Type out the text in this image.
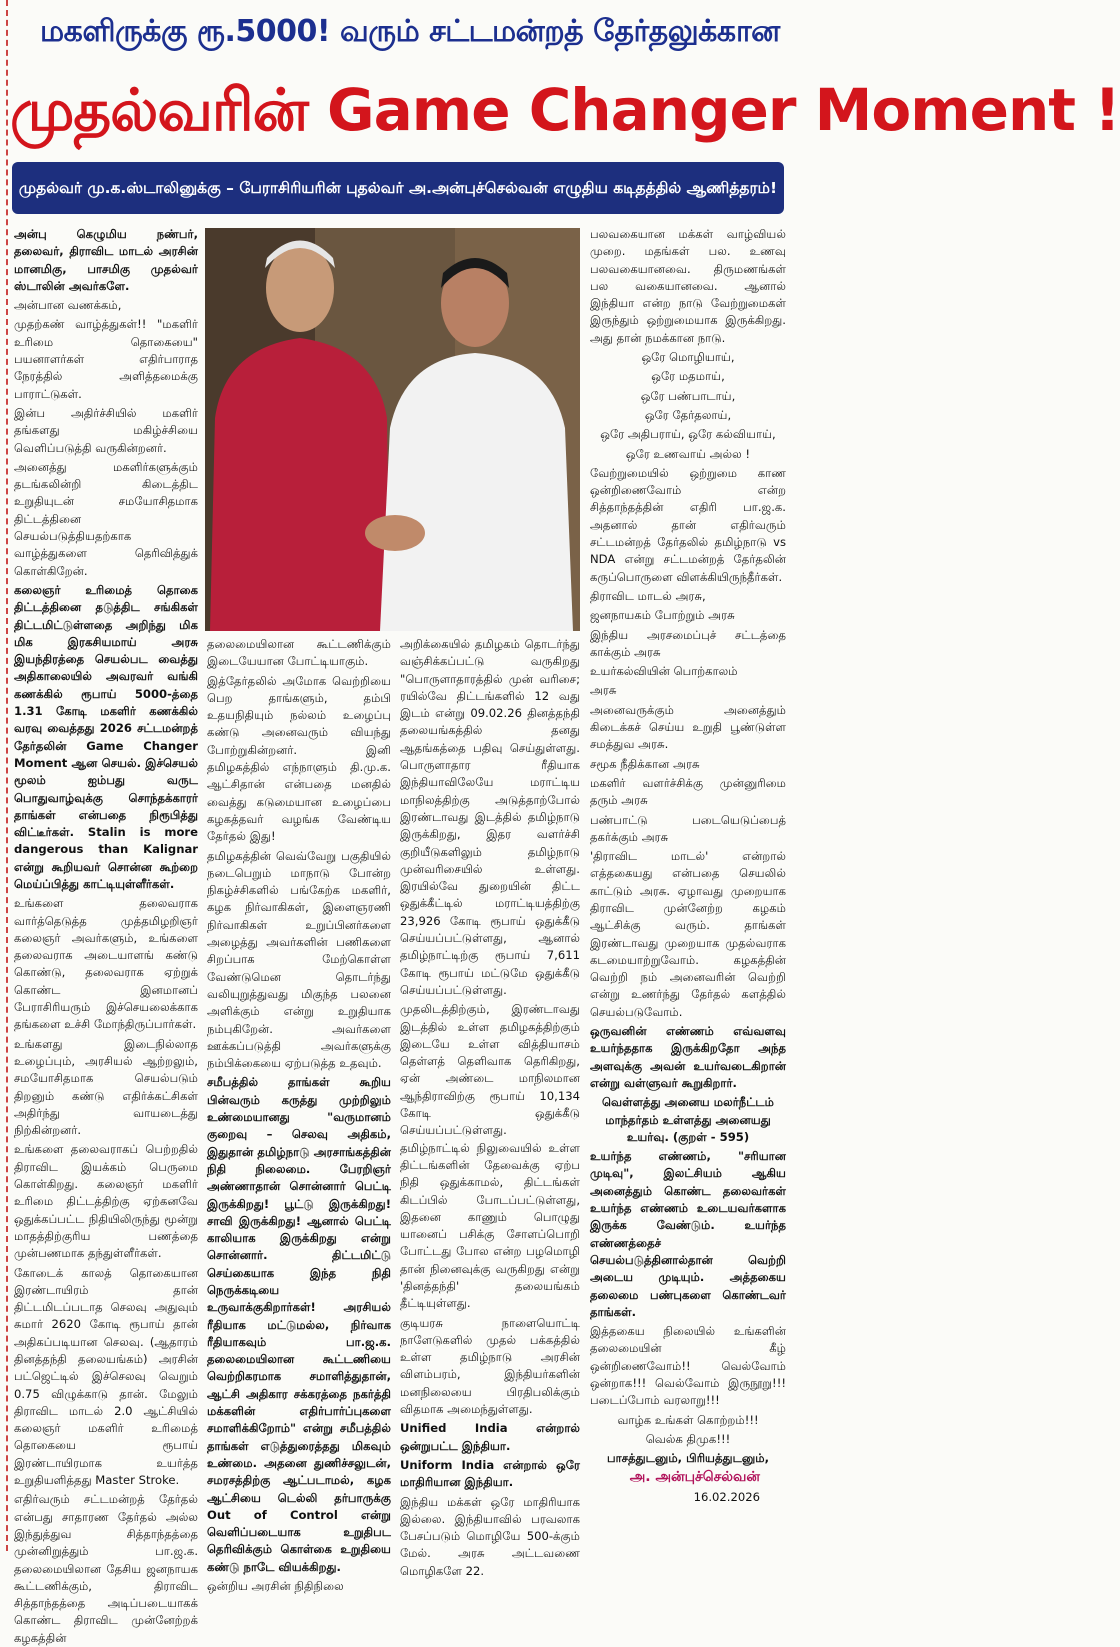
மகளிருக்கு ரூ.5000! வரும் சட்டமன்றத் தேர்தலுக்கான
முதல்வரின் Game Changer Moment !
முதல்வர் மு.க.ஸ்டாலினுக்கு – பேராசிரியரின் புதல்வர் அ.அன்புச்செல்வன் எழுதிய கடிதத்தில் ஆணித்தரம்!

அன்பு கெழுமிய நண்பர், தலைவர், திராவிட மாடல் அரசின் மானமிகு, பாசமிகு முதல்வர் ஸ்டாலின் அவர்களே.

அன்பான வணக்கம்,

முதற்கண் வாழ்த்துகள்!! "மகளிர் உரிமை தொகையை" பயனாளர்கள் எதிர்பாராத நேரத்தில் அளித்தமைக்கு பாராட்டுகள்.

இன்ப அதிர்ச்சியில் மகளிர் தங்களது மகிழ்ச்சியை வெளிப்படுத்தி வருகின்றனர்.

அனைத்து மகளிர்களுக்கும் தடங்கலின்றி கிடைத்திட உறுதியுடன் சமயோசிதமாக திட்டத்தினை செயல்படுத்தியதற்காக வாழ்த்துகளை தெரிவித்துக் கொள்கிறேன்.

கலைஞர் உரிமைத் தொகை திட்டத்தினை தடுத்திட சங்கிகள் திட்டமிட்டுள்ளதை அறிந்து மிக மிக இரகசியமாய் அரசு இயந்திரத்தை செயல்பட வைத்து அதிகாலையில் அவரவர் வங்கி கணக்கில் ரூபாய் 5000-த்தை 1.31 கோடி மகளிர் கணக்கில் வரவு வைத்தது 2026 சட்டமன்றத் தேர்தலின் Game Changer Moment ஆன செயல். இச்செயல் மூலம் ஐம்பது வருட பொதுவாழ்வுக்கு சொந்தக்காரர் தாங்கள் என்பதை நிரூபித்து விட்டீர்கள். Stalin is more dangerous than Kalignar என்று கூறியவர் சொன்ன கூற்றை மெய்ப்பித்து காட்டியுள்ளீர்கள்.

உங்களை தலைவராக வார்த்தெடுத்த முத்தமிழறிஞர் கலைஞர் அவர்களும், உங்களை தலைவராக அடையாளங் கண்டு கொண்டு, தலைவராக ஏற்றுக் கொண்ட இனமானப் பேராசிரியரும் இச்செயலைக்காக தங்களை உச்சி மோந்திருப்பார்கள்.

உங்களது இடைநில்லாத உழைப்பும், அரசியல் ஆற்றலும், சமயோசிதமாக செயல்படும் திறனும் கண்டு எதிர்க்கட்சிகள் அதிர்ந்து வாயடைத்து நிற்கின்றனர்.

உங்களை தலைவராகப் பெற்றதில் திராவிட இயக்கம் பெருமை கொள்கிறது. கலைஞர் மகளிர் உரிமை திட்டத்திற்கு ஏற்கனவே ஒதுக்கப்பட்ட நிதியிலிருந்து மூன்று மாதத்திற்குரிய பணத்தை முன்பணமாக தந்துள்ளீர்கள்.

கோடைக் காலத் தொகையான இரண்டாயிரம் தான் திட்டமிடப்படாத செலவு அதுவும் சுமார் 2620 கோடி ரூபாய் தான் அதிகப்படியான செலவு. (ஆதாரம் தினத்தந்தி தலையங்கம்) அரசின் பட்ஜெட்டில் இச்செலவு வெறும் 0.75 விழுக்காடு தான். மேலும் திராவிட மாடல் 2.0 ஆட்சியில் கலைஞர் மகளிர் உரிமைத் தொகையை ரூபாய் இரண்டாயிரமாக உயர்த்த உறுதியளித்தது Master Stroke.

எதிர்வரும் சட்டமன்றத் தேர்தல் என்பது சாதாரண தேர்தல் அல்ல இந்துத்துவ சித்தாந்தத்தை முன்னிறுத்தும் பா.ஜ.க. தலைமையிலான தேசிய ஜனநாயக கூட்டணிக்கும், திராவிட சித்தாந்தத்தை அடிப்படையாகக் கொண்ட திராவிட முன்னேற்றக் கழகத்தின்

தலைமையிலான கூட்டணிக்கும் இடையேயான போட்டியாகும்.

இத்தேர்தலில் அமோக வெற்றியை பெற தாங்களும், தம்பி உதயநிதியும் நல்லம் உழைப்பு கண்டு அனைவரும் வியந்து போற்றுகின்றனர். இனி தமிழகத்தில் எந்நாளும் தி.மு.க. ஆட்சிதான் என்பதை மனதில் வைத்து கடுமையான உழைப்பை கழகத்தவர் வழங்க வேண்டிய தேர்தல் இது!

தமிழகத்தின் வெவ்வேறு பகுதியில் நடைபெறும் மாநாடு போன்ற நிகழ்ச்சிகளில் பங்கேற்க மகளிர், கழக நிர்வாகிகள், இளைஞரணி நிர்வாகிகள் உறுப்பினர்களை அழைத்து அவர்களின் பணிகளை சிறப்பாக மேற்கொள்ள வேண்டுமென தொடர்ந்து வலியுறுத்துவது மிகுந்த பலனை அளிக்கும் என்று உறுதியாக நம்புகிறேன். அவர்களை ஊக்கப்படுத்தி அவர்களுக்கு நம்பிக்கையை ஏற்படுத்த உதவும்.

சமீபத்தில் தாங்கள் கூறிய பின்வரும் கருத்து முற்றிலும் உண்மையானது "வருமானம் குறைவு – செலவு அதிகம், இதுதான் தமிழ்நாடு அரசாங்கத்தின் நிதி நிலைமை. பேரறிஞர் அண்ணாதான் சொன்னார் பெட்டி இருக்கிறது! பூட்டு இருக்கிறது! சாவி இருக்கிறது! ஆனால் பெட்டி காலியாக இருக்கிறது என்று சொன்னார். திட்டமிட்டு செய்கையாக இந்த நிதி நெருக்கடியை உருவாக்குகிறார்கள்! அரசியல் ரீதியாக மட்டுமல்ல, நிர்வாக ரீதியாகவும் பா.ஜ.க. தலைமையிலான கூட்டணியை வெற்றிகரமாக சமாளித்துதான், ஆட்சி அதிகார சக்கரத்தை நகர்த்தி மக்களின் எதிர்பார்ப்புகளை சமாளிக்கிறோம்" என்று சமீபத்தில் தாங்கள் எடுத்துரைத்தது மிகவும் உண்மை. அதனை துணிச்சலுடன், சமரசத்திற்கு ஆட்படாமல், கழக ஆட்சியை டெல்லி தர்பாருக்கு Out of Control என்று வெளிப்படையாக உறுதிபட தெரிவிக்கும் கொள்கை உறுதியை கண்டு நாடே வியக்கிறது.

ஒன்றிய அரசின் நிதிநிலை

அறிக்கையில் தமிழகம் தொடர்ந்து வஞ்சிக்கப்பட்டு வருகிறது "பொருளாதாரத்தில் முன் வரிசை; ரயில்வே திட்டங்களில் 12 வது இடம் என்று 09.02.26 தினத்தந்தி தலையங்கத்தில் தனது ஆதங்கத்தை பதிவு செய்துள்ளது. பொருளாதார ரீதியாக இந்தியாவிலேயே மராட்டிய மாநிலத்திற்கு அடுத்தாற்போல் இரண்டாவது இடத்தில் தமிழ்நாடு இருக்கிறது, இதர வளர்ச்சி குறியீடுகளிலும் தமிழ்நாடு முன்வரிசையில் உள்ளது. இரயில்வே துறையின் திட்ட ஒதுக்கீட்டில் மராட்டியத்திற்கு 23,926 கோடி ரூபாய் ஒதுக்கீடு செய்யப்பட்டுள்ளது, ஆனால் தமிழ்நாட்டிற்கு ரூபாய் 7,611 கோடி ரூபாய் மட்டுமே ஒதுக்கீடு செய்யப்பட்டுள்ளது.

முதலிடத்திற்கும், இரண்டாவது இடத்தில் உள்ள தமிழகத்திற்கும் இடையே உள்ள வித்தியாசம் தெள்ளத் தெளிவாக தெரிகிறது, ஏன் அண்டை மாநிலமான ஆந்திராவிற்கு ரூபாய் 10,134 கோடி ஒதுக்கீடு செய்யப்பட்டுள்ளது. தமிழ்நாட்டில் நிலுவையில் உள்ள திட்டங்களின் தேவைக்கு ஏற்ப நிதி ஒதுக்காமல், திட்டங்கள் கிடப்பில் போடப்பட்டுள்ளது, இதனை காணும் பொழுது யானைப் பசிக்கு சோளப்பொறி போட்டது போல என்ற பழமொழி தான் நினைவுக்கு வருகிறது என்று 'தினத்தந்தி' தலையங்கம் தீட்டியுள்ளது.

குடியரசு நாளையொட்டி நாளேடுகளில் முதல் பக்கத்தில் உள்ள தமிழ்நாடு அரசின் விளம்பரம், இந்தியர்களின் மனநிலையை பிரதிபலிக்கும் விதமாக அமைந்துள்ளது.

Unified India என்றால் ஒன்றுபட்ட இந்தியா.

Uniform India என்றால் ஒரே மாதிரியான இந்தியா.

இந்திய மக்கள் ஒரே மாதிரியாக இல்லை. இந்தியாவில் பரவலாக பேசப்படும் மொழியே 500-க்கும் மேல். அரசு அட்டவணை மொழிகளே 22.

பலவகையான மக்கள் வாழ்வியல் முறை. மதங்கள் பல. உணவு பலவகையானவை. திருமணங்கள் பல வகையானவை. ஆனால் இந்தியா என்ற நாடு வேற்றுமைகள் இருந்தும் ஒற்றுமையாக இருக்கிறது. அது தான் நமக்கான நாடு.

ஒரே மொழியாய்,

ஒரே மதமாய்,

ஒரே பண்பாடாய்,

ஒரே தேர்தலாய்,

ஒரே அதிபராய், ஒரே கல்வியாய்,

ஒரே உணவாய் அல்ல !

வேற்றுமையில் ஒற்றுமை காண ஒன்றிணைவோம் என்ற சித்தாந்தத்தின் எதிரி பா.ஜ.க. அதனால் தான் எதிர்வரும் சட்டமன்றத் தேர்தலில் தமிழ்நாடு vs NDA என்று சட்டமன்றத் தேர்தலின் கருப்பொருளை விளக்கியிருந்தீர்கள்.

திராவிட மாடல் அரசு,

ஜனநாயகம் போற்றும் அரசு

இந்திய அரசமைப்புச் சட்டத்தை காக்கும் அரசு

உயர்கல்வியின் பொற்காலம்

அரசு

அனைவருக்கும் அனைத்தும் கிடைக்கச் செய்ய உறுதி பூண்டுள்ள சமத்துவ அரசு.

சமூக நீதிக்கான அரசு

மகளிர் வளர்ச்சிக்கு முன்னுரிமை தரும் அரசு

பண்பாட்டு படையெடுப்பைத் தகர்க்கும் அரசு

'திராவிட மாடல்' என்றால் எத்தகையது என்பதை செயலில் காட்டும் அரசு. ஏழாவது முறையாக திராவிட முன்னேற்ற கழகம் ஆட்சிக்கு வரும். தாங்கள் இரண்டாவது முறையாக முதல்வராக கடமையாற்றுவோம். கழகத்தின் வெற்றி நம் அனைவரின் வெற்றி என்று உணர்ந்து தேர்தல் களத்தில் செயல்படுவோம்.

ஒருவனின் எண்ணம் எவ்வளவு உயர்ந்ததாக இருக்கிறதோ அந்த அளவுக்கு அவன் உயர்வடைகிறான் என்று வள்ளுவர் கூறுகிறார்.

வெள்ளத்து அனைய மலர்நீட்டம் மாந்தர்தம் உள்ளத்து அனையது உயர்வு. (குறள் - 595)

உயர்ந்த எண்ணம், "சரியான முடிவு", இலட்சியம் ஆகிய அனைத்தும் கொண்ட தலைவர்கள் உயர்ந்த எண்ணம் உடையவர்களாக இருக்க வேண்டும். உயர்ந்த எண்ணத்தைச் செயல்படுத்தினால்தான் வெற்றி அடைய முடியும். அத்தகைய தலைமை பண்புகளை கொண்டவர் தாங்கள்.

இத்தகைய நிலையில் உங்களின் தலைமையின் கீழ் ஒன்றிணைவோம்!! வெல்வோம் ஒன்றாக!!! வெல்வோம் இருநூறு!!! படைப்போம் வரலாறு!!!

வாழ்க உங்கள் கொற்றம்!!!

வெல்க திமுக!!!

பாசத்துடனும், பிரியத்துடனும்,

அ. அன்புச்செல்வன்

16.02.2026
